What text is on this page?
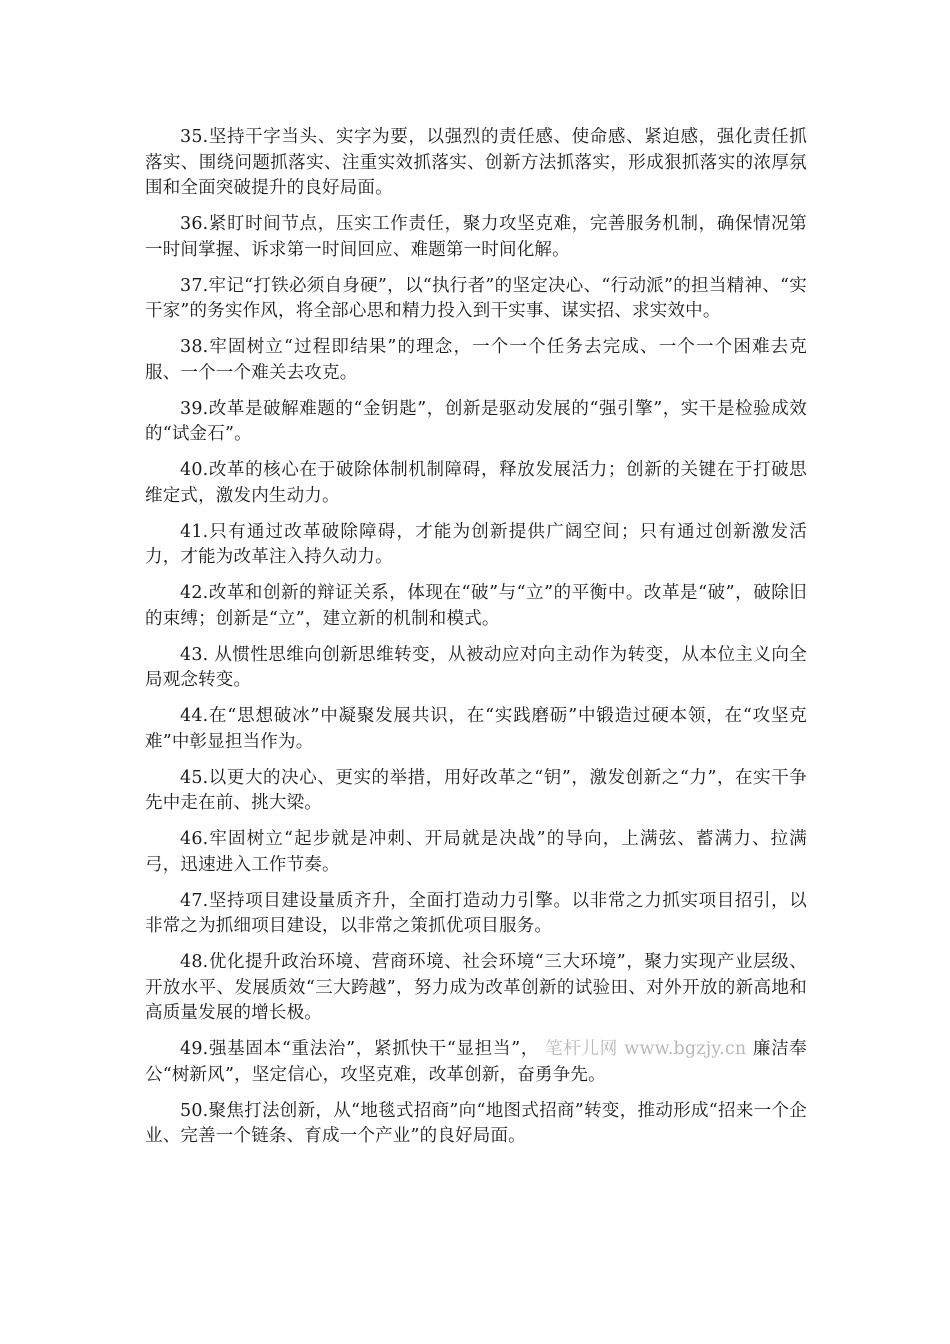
35.坚持干字当头、实字为要，以强烈的责任感、使命感、紧迫感，强化责任抓落实、围绕问题抓落实、注重实效抓落实、创新方法抓落实，形成狠抓落实的浓厚氛围和全面突破提升的良好局面。

36.紧盯时间节点，压实工作责任，聚力攻坚克难，完善服务机制，确保情况第一时间掌握、诉求第一时间回应、难题第一时间化解。

37.牢记“打铁必须自身硬”，以“执行者”的坚定决心、“行动派”的担当精神、“实干家”的务实作风，将全部心思和精力投入到干实事、谋实招、求实效中。

38.牢固树立“过程即结果”的理念，一个一个任务去完成、一个一个困难去克服、一个一个难关去攻克。

39.改革是破解难题的“金钥匙”，创新是驱动发展的“强引擎”，实干是检验成效的“试金石”。

40.改革的核心在于破除体制机制障碍，释放发展活力；创新的关键在于打破思维定式，激发内生动力。

41.只有通过改革破除障碍，才能为创新提供广阔空间；只有通过创新激发活力，才能为改革注入持久动力。

42.改革和创新的辩证关系，体现在“破”与“立”的平衡中。改革是“破”，破除旧的束缚；创新是“立”，建立新的机制和模式。

43. 从惯性思维向创新思维转变，从被动应对向主动作为转变，从本位主义向全局观念转变。

44.在“思想破冰”中凝聚发展共识，在“实践磨砺”中锻造过硬本领，在“攻坚克难”中彰显担当作为。

45.以更大的决心、更实的举措，用好改革之“钥”，激发创新之“力”，在实干争先中走在前、挑大梁。

46.牢固树立“起步就是冲刺、开局就是决战”的导向，上满弦、蓄满力、拉满弓，迅速进入工作节奏。

47.坚持项目建设量质齐升，全面打造动力引擎。以非常之力抓实项目招引，以非常之为抓细项目建设，以非常之策抓优项目服务。

48.优化提升政治环境、营商环境、社会环境“三大环境”，聚力实现产业层级、开放水平、发展质效“三大跨越”，努力成为改革创新的试验田、对外开放的新高地和高质量发展的增长极。

49.强基固本“重法治”，紧抓快干“显担当”， 笔杆儿网 www.bgzjy.cn 廉洁奉公“树新风”，坚定信心，攻坚克难，改革创新，奋勇争先。

50.聚焦打法创新，从“地毯式招商”向“地图式招商”转变，推动形成“招来一个企业、完善一个链条、育成一个产业”的良好局面。
